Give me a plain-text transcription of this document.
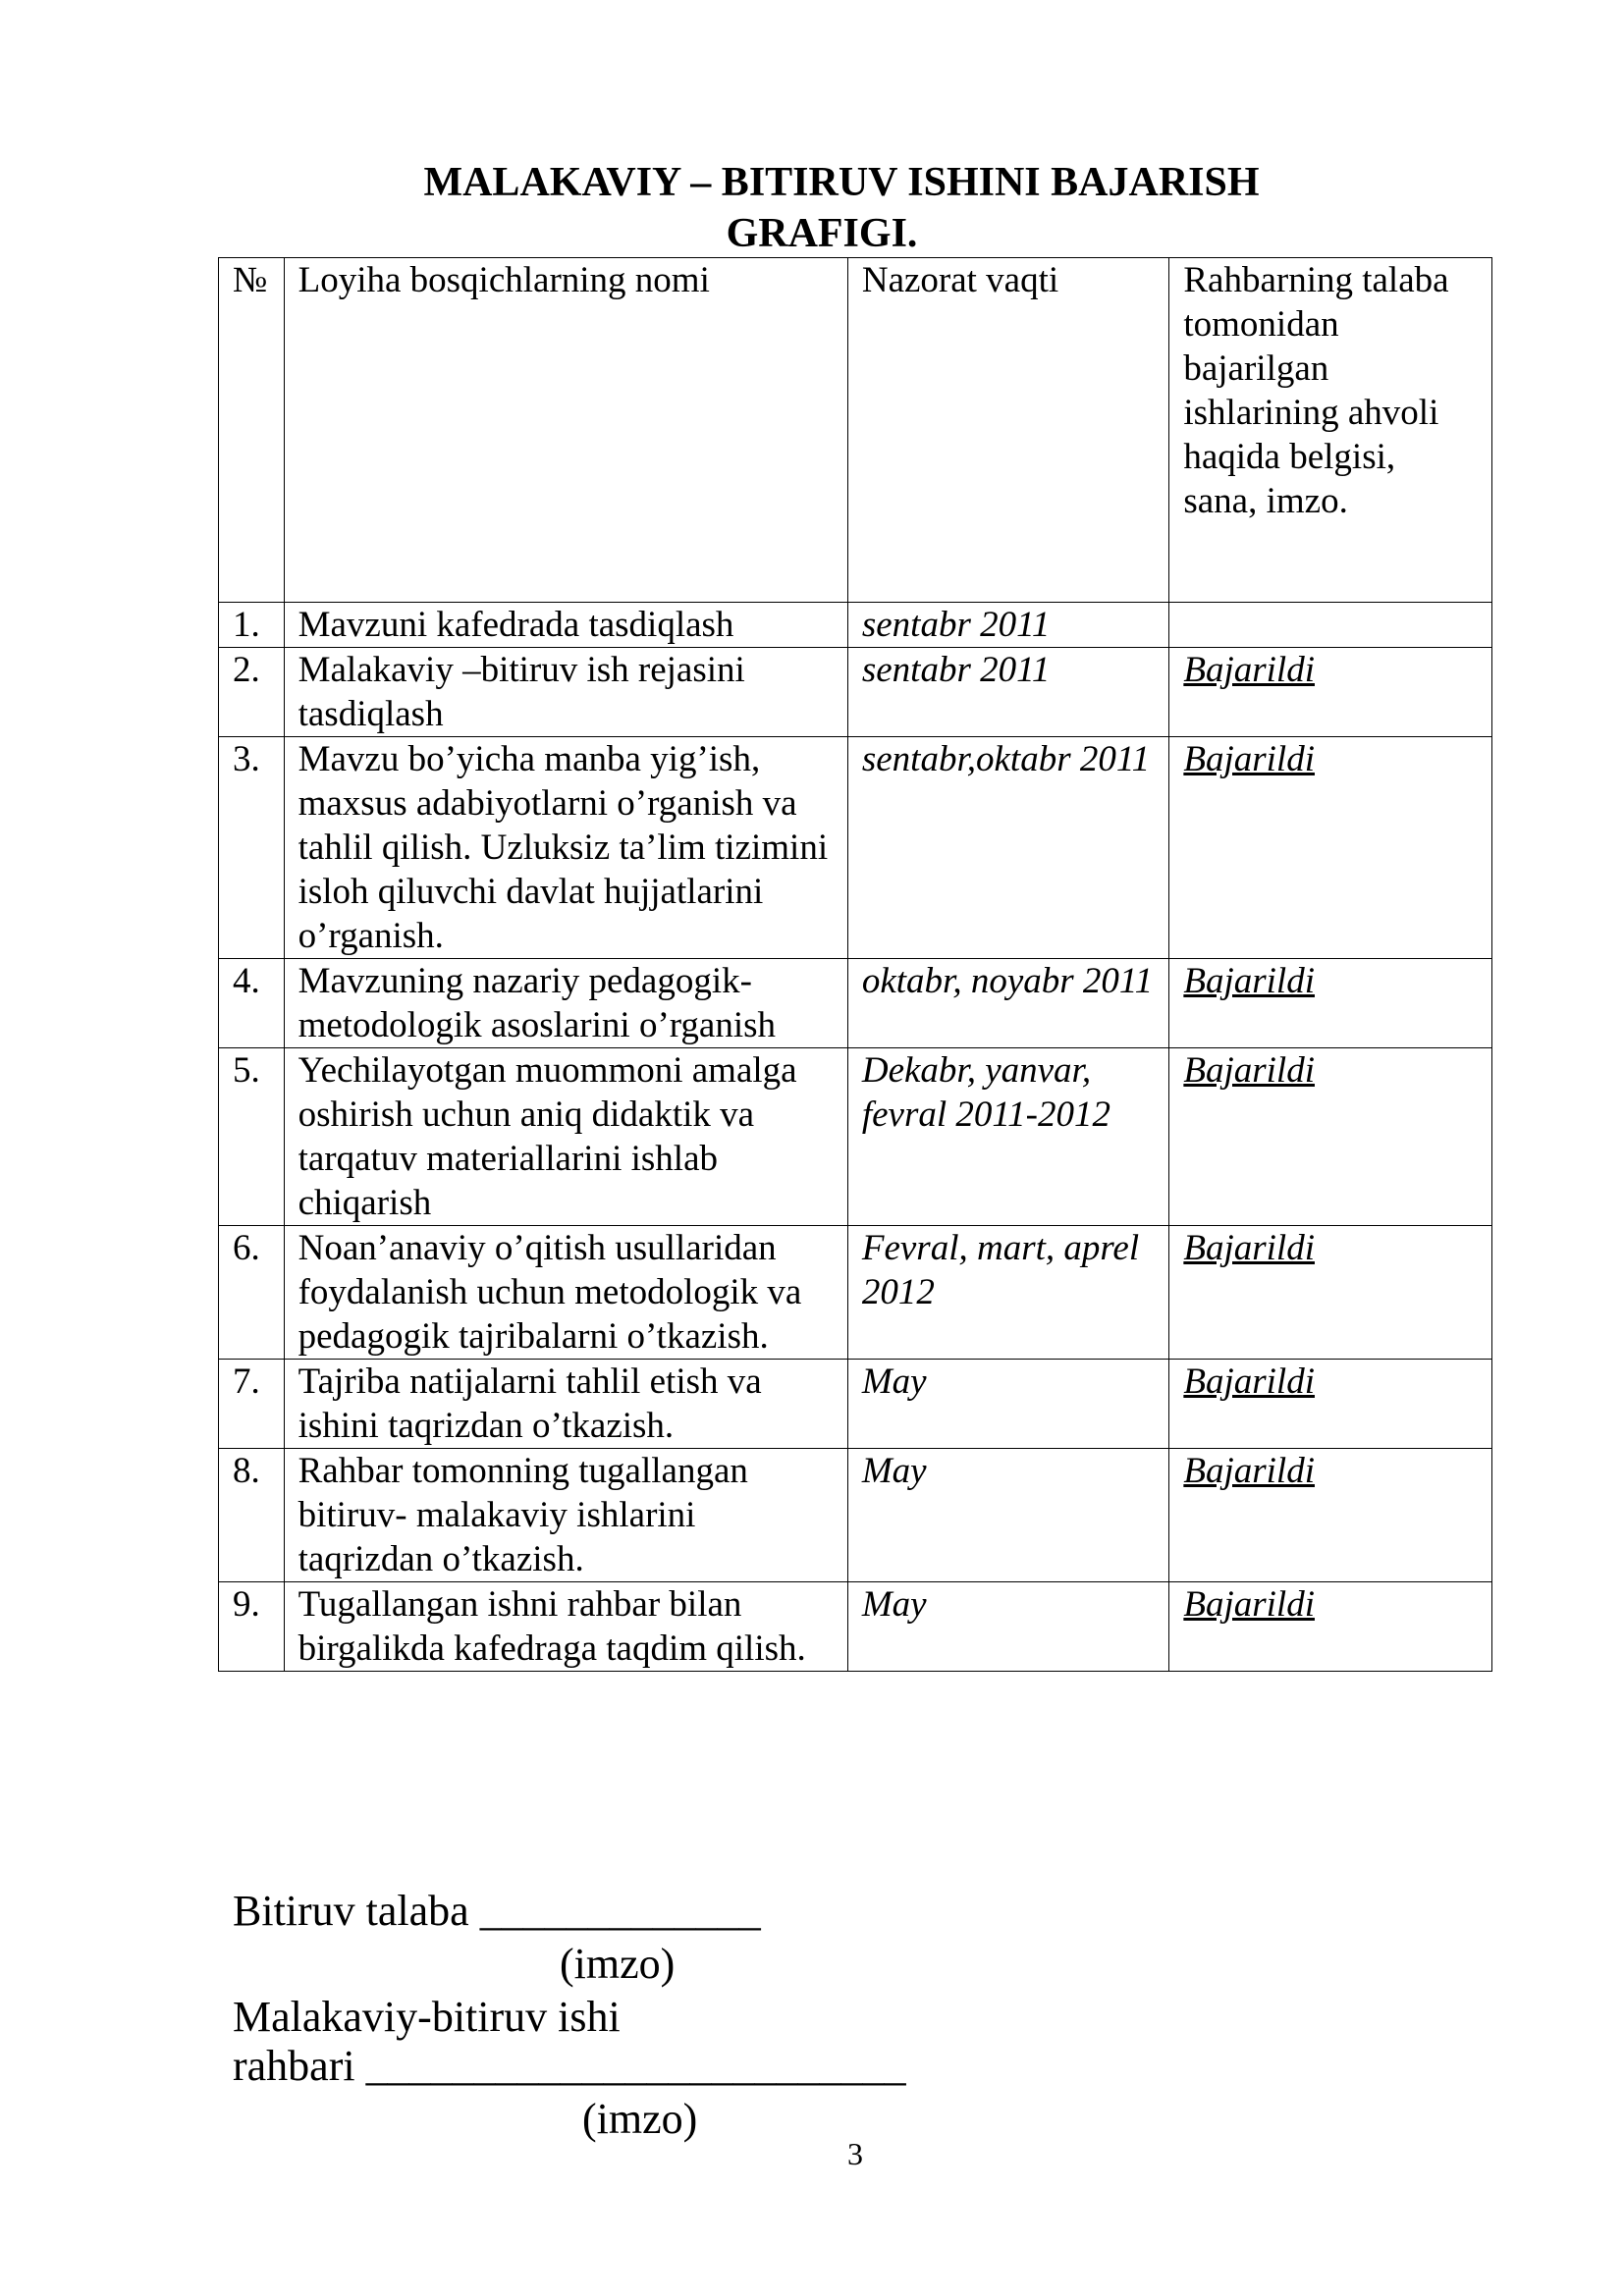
MALAKAVIY – BITIRUV ISHINI BAJARISH
GRAFIGI.
№	Loyiha bosqichlarning nomi	Nazorat vaqti	Rahbarning talaba tomonidan bajarilgan ishlarining ahvoli haqida belgisi, sana, imzo.
1.	Mavzuni kafedrada tasdiqlash	sentabr 2011	
2.	Malakaviy –bitiruv ish rejasini tasdiqlash	sentabr 2011	Bajarildi
3.	Mavzu bo’yicha manba yig’ish, maxsus adabiyotlarni o’rganish va tahlil qilish. Uzluksiz ta’lim tizimini isloh qiluvchi davlat hujjatlarini o’rganish.	sentabr,oktabr 2011	Bajarildi
4.	Mavzuning nazariy pedagogik-metodologik asoslarini o’rganish	oktabr, noyabr 2011	Bajarildi
5.	Yechilayotgan muommoni amalga oshirish uchun aniq didaktik va tarqatuv materiallarini ishlab chiqarish	Dekabr, yanvar, fevral 2011-2012	Bajarildi
6.	Noan’anaviy o’qitish usullaridan foydalanish uchun metodologik va pedagogik tajribalarni o’tkazish.	Fevral, mart, aprel 2012	Bajarildi
7.	Tajriba natijalarni tahlil etish va ishini taqrizdan o’tkazish.	May	Bajarildi
8.	Rahbar tomonning tugallangan bitiruv- malakaviy ishlarini taqrizdan o’tkazish.	May	Bajarildi
9.	Tugallangan ishni rahbar bilan birgalikda kafedraga taqdim qilish.	May	Bajarildi
Bitiruv talaba _____________
(imzo)
Malakaviy-bitiruv ishi
rahbari _________________________
(imzo)
3
